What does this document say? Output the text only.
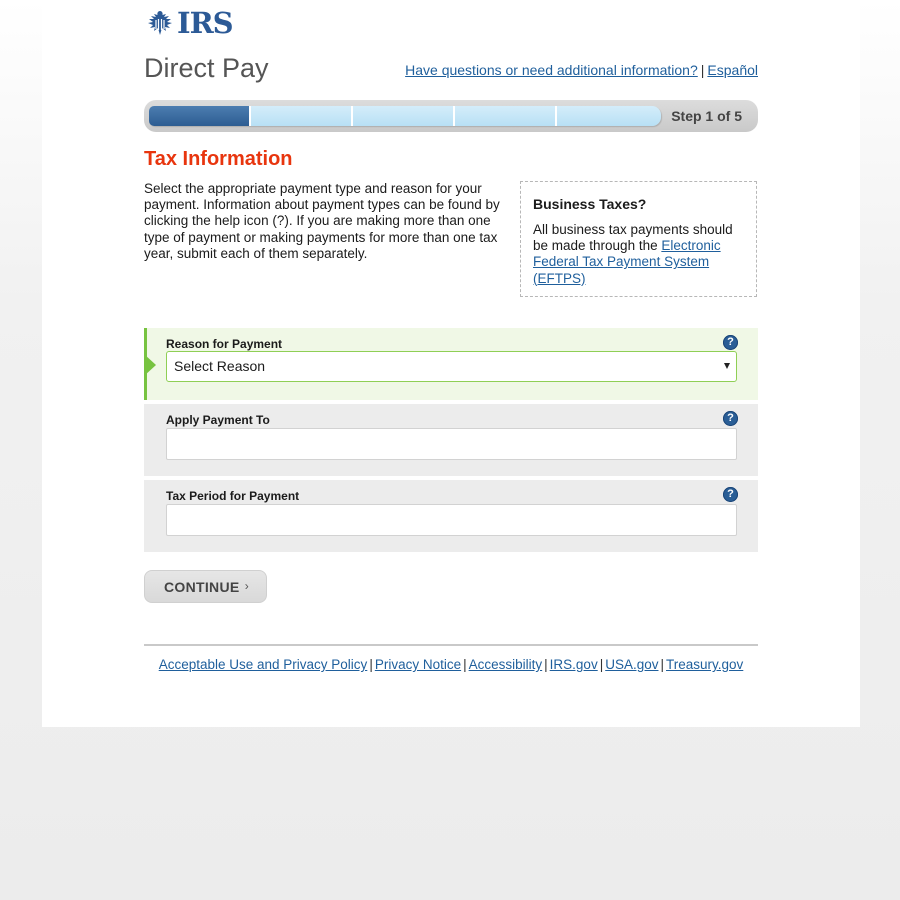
IRS
Direct Pay	Have questions or need additional information? | Español
Step 1 of 5
Tax Information

Select the appropriate payment type and reason for your payment. Information about payment types can be found by clicking the help icon (?). If you are making more than one type of payment or making payments for more than one tax year, submit each of them separately.

Business Taxes?

All business tax payments should be made through the Electronic Federal Tax Payment System (EFTPS)

Reason for Payment	?
Select Reason
Apply Payment To	?
Tax Period for Payment	?
CONTINUE ›
Acceptable Use and Privacy Policy | Privacy Notice | Accessibility | IRS.gov | USA.gov | Treasury.gov
